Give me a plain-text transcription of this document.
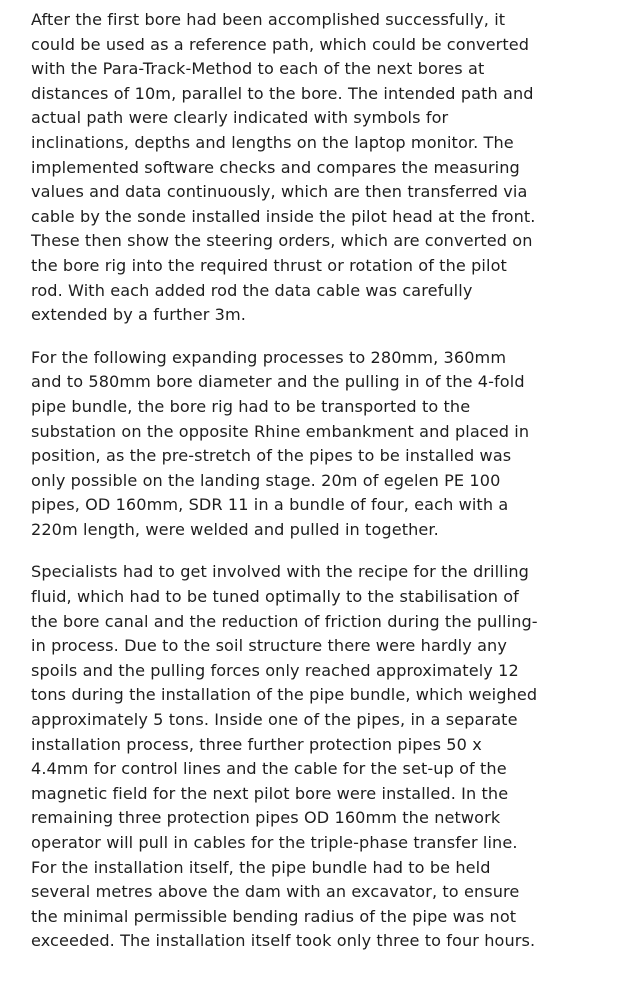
After the first bore had been accomplished successfully, it
could be used as a reference path, which could be converted
with the Para-Track-Method to each of the next bores at
distances of 10m, parallel to the bore. The intended path and
actual path were clearly indicated with symbols for
inclinations, depths and lengths on the laptop monitor. The
implemented software checks and compares the measuring
values and data continuously, which are then transferred via
cable by the sonde installed inside the pilot head at the front.
These then show the steering orders, which are converted on
the bore rig into the required thrust or rotation of the pilot
rod. With each added rod the data cable was carefully
extended by a further 3m.

For the following expanding processes to 280mm, 360mm
and to 580mm bore diameter and the pulling in of the 4-fold
pipe bundle, the bore rig had to be transported to the
substation on the opposite Rhine embankment and placed in
position, as the pre-stretch of the pipes to be installed was
only possible on the landing stage. 20m of egelen PE 100
pipes, OD 160mm, SDR 11 in a bundle of four, each with a
220m length, were welded and pulled in together.

Specialists had to get involved with the recipe for the drilling
fluid, which had to be tuned optimally to the stabilisation of
the bore canal and the reduction of friction during the pulling-
in process. Due to the soil structure there were hardly any
spoils and the pulling forces only reached approximately 12
tons during the installation of the pipe bundle, which weighed
approximately 5 tons. Inside one of the pipes, in a separate
installation process, three further protection pipes 50 x
4.4mm for control lines and the cable for the set-up of the
magnetic field for the next pilot bore were installed. In the
remaining three protection pipes OD 160mm the network
operator will pull in cables for the triple-phase transfer line.
For the installation itself, the pipe bundle had to be held
several metres above the dam with an excavator, to ensure
the minimal permissible bending radius of the pipe was not
exceeded. The installation itself took only three to four hours.
